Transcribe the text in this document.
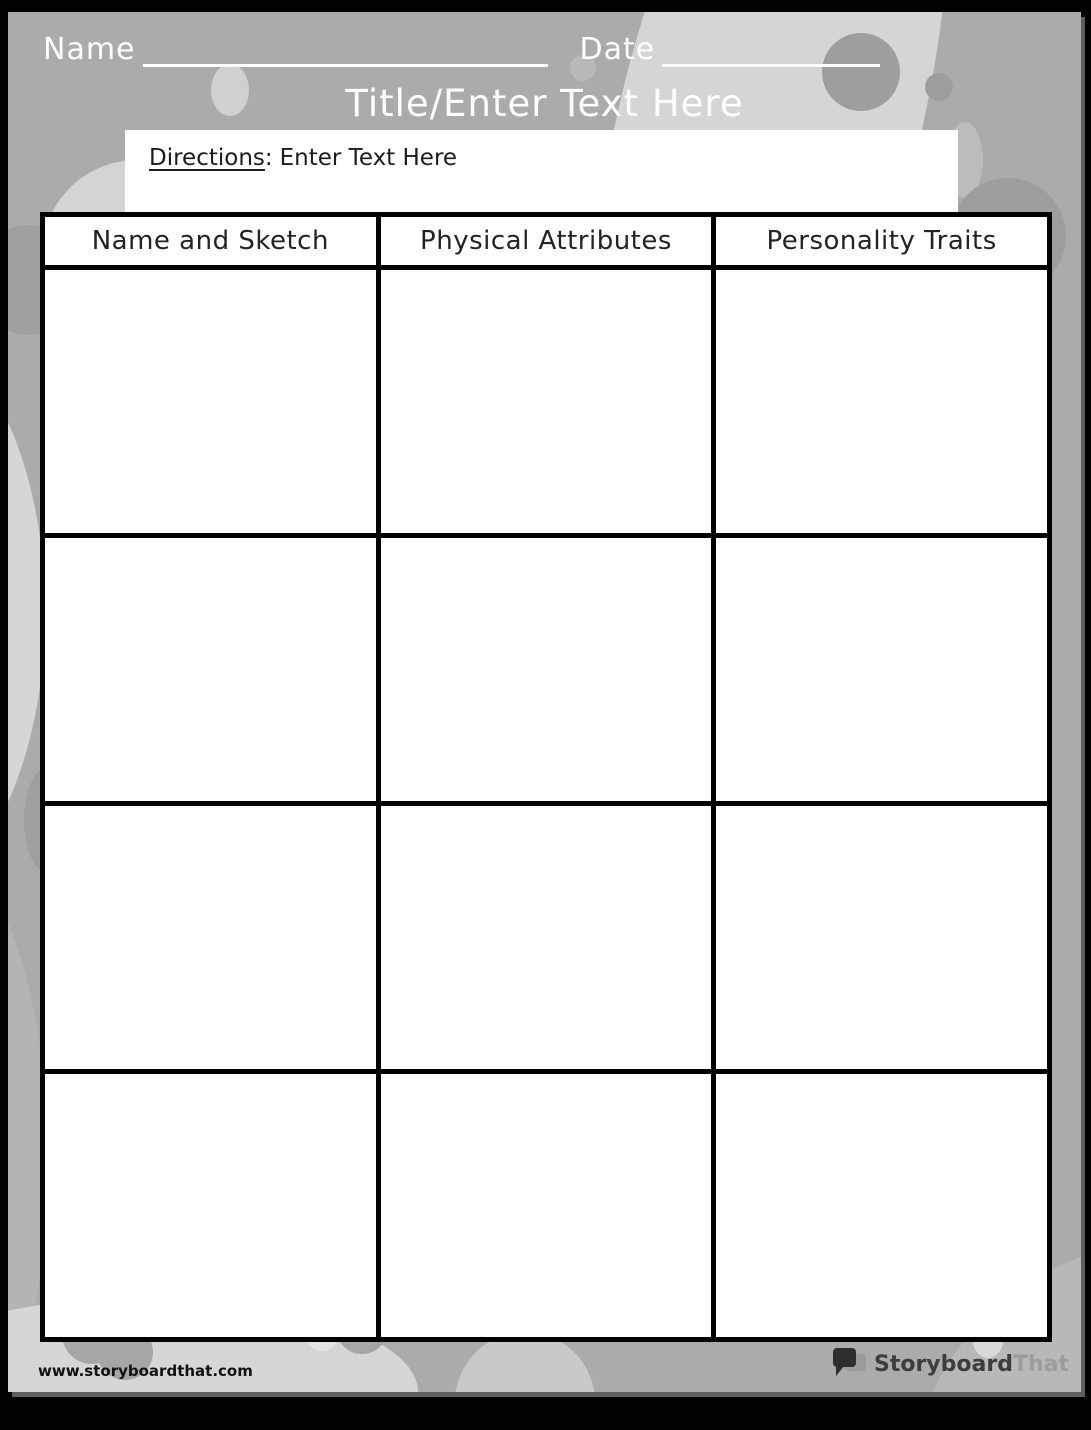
Name	Date
Title/Enter Text Here
Directions: Enter Text Here
Name and Sketch	Physical Attributes	Personality Traits

www.storyboardthat.com	Storyboard That
